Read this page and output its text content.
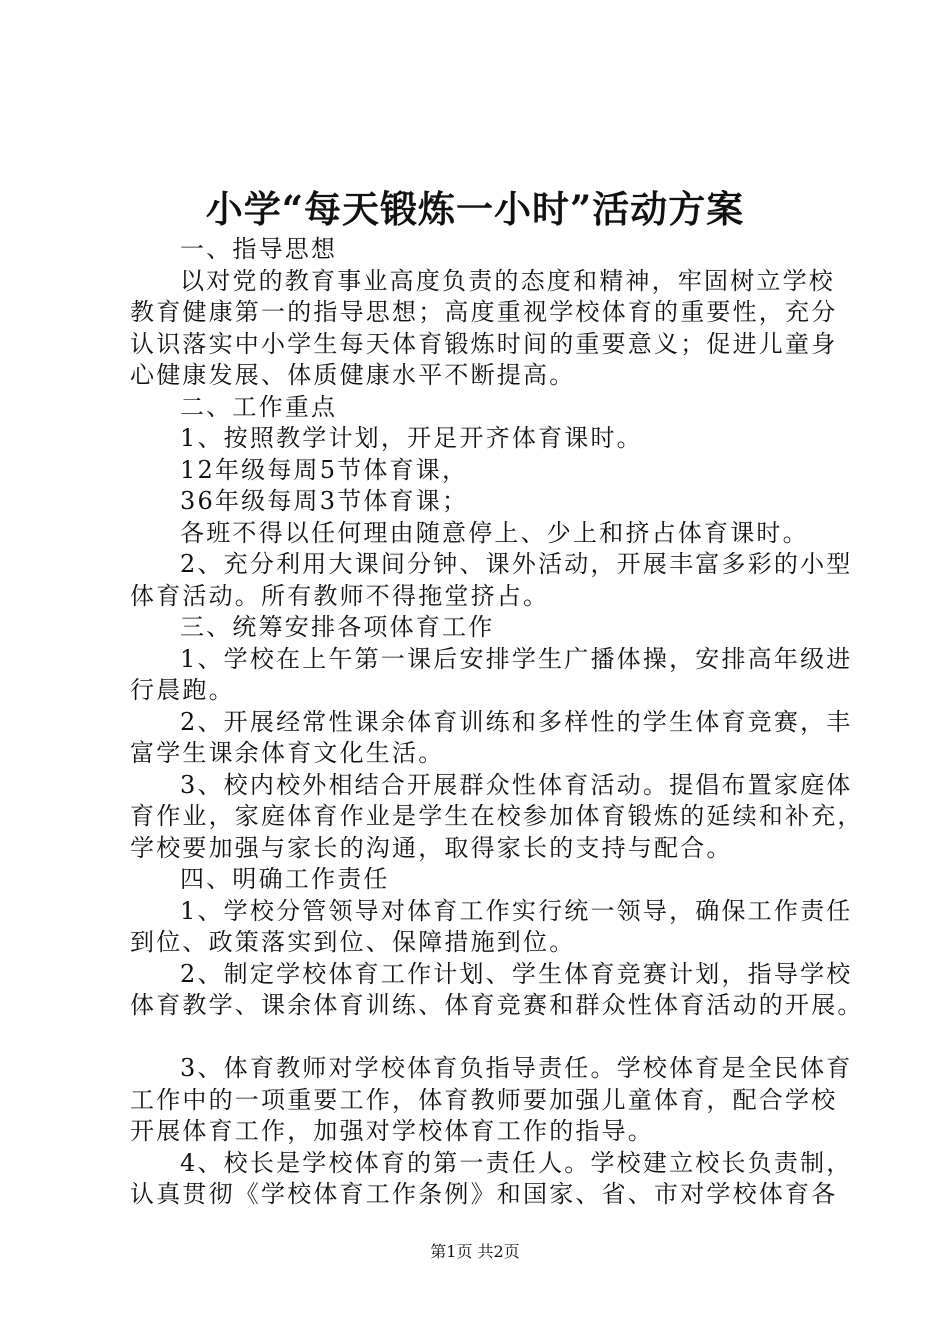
小学“每天锻炼一小时”活动方案
一、指导思想
以对党的教育事业高度负责的态度和精神，牢固树立学校
教育健康第一的指导思想；高度重视学校体育的重要性，充分
认识落实中小学生每天体育锻炼时间的重要意义；促进儿童身
心健康发展、体质健康水平不断提高。
二、工作重点
1、按照教学计划，开足开齐体育课时。
12年级每周5节体育课，
36年级每周3节体育课；
各班不得以任何理由随意停上、少上和挤占体育课时。
2、充分利用大课间分钟、课外活动，开展丰富多彩的小型
体育活动。所有教师不得拖堂挤占。
三、统筹安排各项体育工作
1、学校在上午第一课后安排学生广播体操，安排高年级进
行晨跑。
2、开展经常性课余体育训练和多样性的学生体育竞赛，丰
富学生课余体育文化生活。
3、校内校外相结合开展群众性体育活动。提倡布置家庭体
育作业，家庭体育作业是学生在校参加体育锻炼的延续和补充，
学校要加强与家长的沟通，取得家长的支持与配合。
四、明确工作责任
1、学校分管领导对体育工作实行统一领导，确保工作责任
到位、政策落实到位、保障措施到位。
2、制定学校体育工作计划、学生体育竞赛计划，指导学校
体育教学、课余体育训练、体育竞赛和群众性体育活动的开展。
3、体育教师对学校体育负指导责任。学校体育是全民体育
工作中的一项重要工作，体育教师要加强儿童体育，配合学校
开展体育工作，加强对学校体育工作的指导。
4、校长是学校体育的第一责任人。学校建立校长负责制，
认真贯彻《学校体育工作条例》和国家、省、市对学校体育各
第1页 共2页
